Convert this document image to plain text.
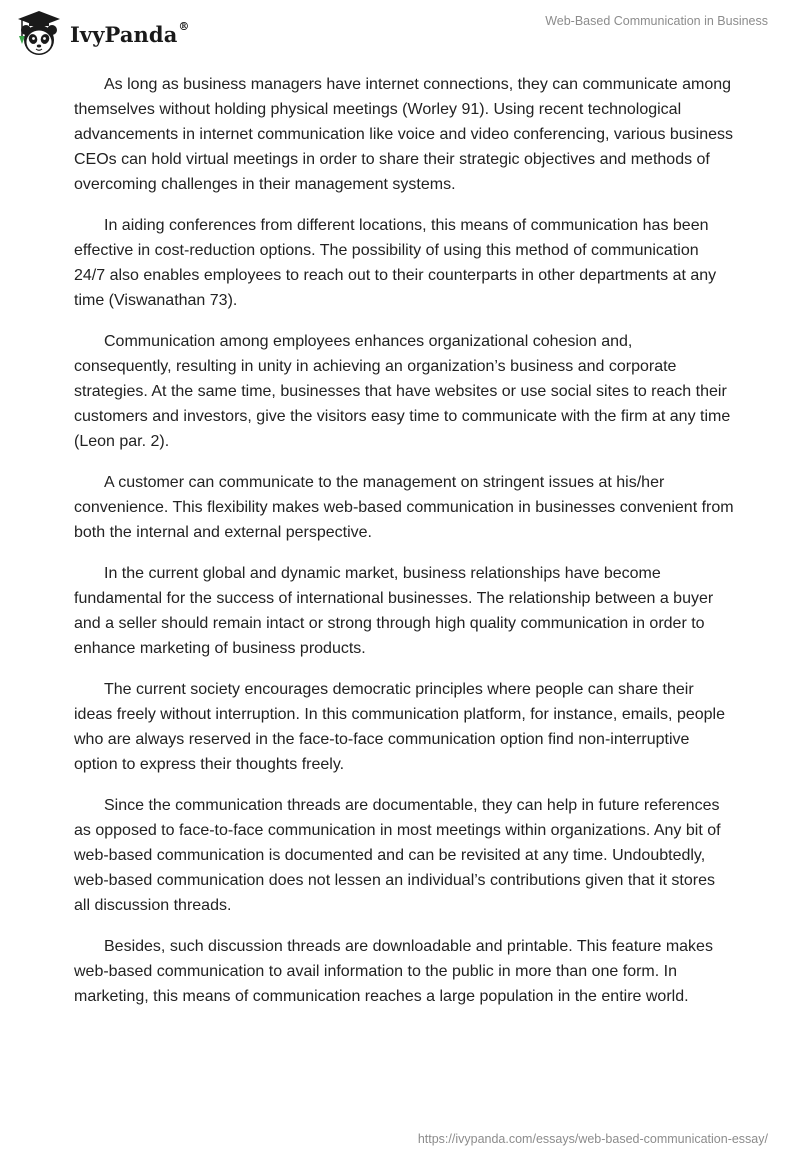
IvyPanda®	Web-Based Communication in Business

As long as business managers have internet connections, they can communicate among themselves without holding physical meetings (Worley 91). Using recent technological advancements in internet communication like voice and video conferencing, various business CEOs can hold virtual meetings in order to share their strategic objectives and methods of overcoming challenges in their management systems.

In aiding conferences from different locations, this means of communication has been effective in cost-reduction options. The possibility of using this method of communication 24/7 also enables employees to reach out to their counterparts in other departments at any time (Viswanathan 73).

Communication among employees enhances organizational cohesion and, consequently, resulting in unity in achieving an organization’s business and corporate strategies. At the same time, businesses that have websites or use social sites to reach their customers and investors, give the visitors easy time to communicate with the firm at any time (Leon par. 2).

A customer can communicate to the management on stringent issues at his/her convenience. This flexibility makes web-based communication in businesses convenient from both the internal and external perspective.

In the current global and dynamic market, business relationships have become fundamental for the success of international businesses. The relationship between a buyer and a seller should remain intact or strong through high quality communication in order to enhance marketing of business products.

The current society encourages democratic principles where people can share their ideas freely without interruption. In this communication platform, for instance, emails, people who are always reserved in the face-to-face communication option find non-interruptive option to express their thoughts freely.

Since the communication threads are documentable, they can help in future references as opposed to face-to-face communication in most meetings within organizations. Any bit of web-based communication is documented and can be revisited at any time. Undoubtedly, web-based communication does not lessen an individual’s contributions given that it stores all discussion threads.

Besides, such discussion threads are downloadable and printable. This feature makes web-based communication to avail information to the public in more than one form. In marketing, this means of communication reaches a large population in the entire world.

https://ivypanda.com/essays/web-based-communication-essay/
